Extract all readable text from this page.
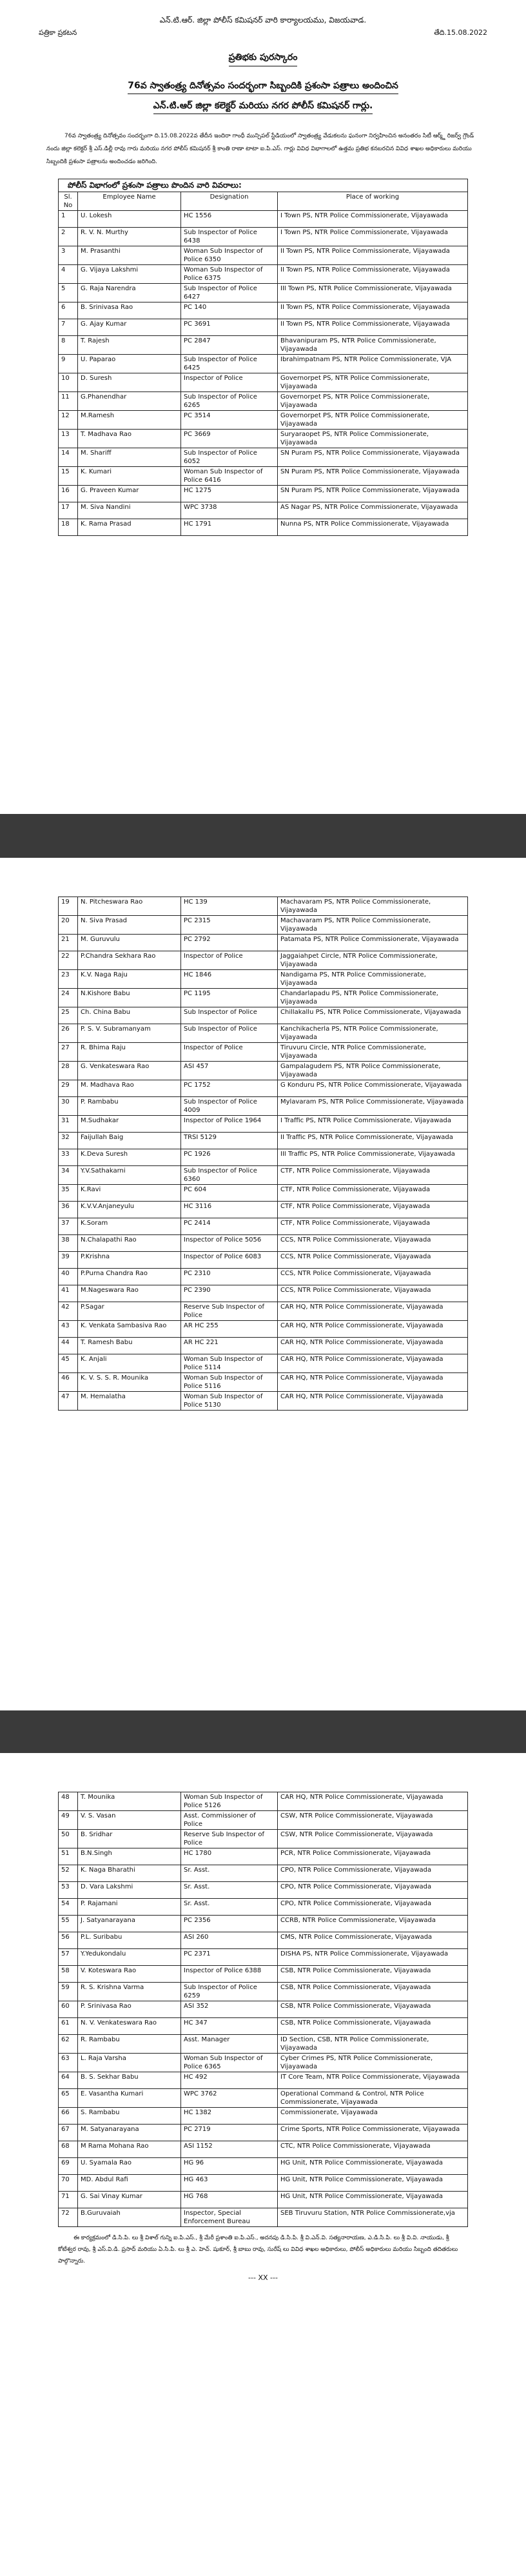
ఎన్.టి.ఆర్. జిల్లా పోలీస్ కమిషనర్ వారి కార్యాలయము, విజయవాడ.
పత్రికా ప్రకటన	తేది.15.08.2022
ప్రతిభకు పురస్కారం
76వ స్వాతంత్ర్య దినోత్సవం సందర్భంగా సిబ్బందికి ప్రశంసా పత్రాలు అందించిన
ఎన్.టి.ఆర్ జిల్లా కలెక్టర్ మరియు నగర పోలీస్ కమిషనర్ గార్లు.
76వ స్వాతంత్ర్య దినోత్సవం సందర్భంగా ది.15.08.2022వ తేదీన ఇందిరా గాంధీ మున్సిపల్ స్టేడియంలో స్వాతంత్ర్య వేడుకలను ఘనంగా నిర్వహించిన అనంతరం సిటీ ఆర్మ్డ్ రిజర్వ్ గ్రౌండ్ నందు జిల్లా కలెక్టర్ శ్రీ ఎస్.డిల్లీ రావు గారు మరియు నగర పోలీస్ కమిషనర్ శ్రీ కాంతి రాణా టాటా ఐ.పి.ఎస్. గార్లు వివిధ విభాగాలలో ఉత్తమ ప్రతిభ కనబరచిన వివిధ శాఖల అధికారులు మరియు సిబ్బందికి ప్రశంసా పత్రాలను అందించడం జరిగింది.
పోలీస్ విభాగంలో ప్రశంసా పత్రాలు పొందిన వారి వివరాలు:			
Sl. No	Employee Name	Designation	Place of working
1	U. Lokesh	HC 1556	I Town PS, NTR Police Commissionerate, Vijayawada
2	R. V. N. Murthy	Sub Inspector of Police 6438	I Town PS, NTR Police Commissionerate, Vijayawada
3	M. Prasanthi	Woman Sub Inspector of Police 6350	II Town PS, NTR Police Commissionerate, Vijayawada
4	G. Vijaya Lakshmi	Woman Sub Inspector of Police 6375	II Town PS, NTR Police Commissionerate, Vijayawada
5	G. Raja Narendra	Sub Inspector of Police 6427	III Town PS, NTR Police Commissionerate, Vijayawada
6	B. Srinivasa Rao	PC 140	II Town PS, NTR Police Commissionerate, Vijayawada
7	G. Ajay Kumar	PC 3691	II Town PS, NTR Police Commissionerate, Vijayawada
8	T. Rajesh	PC 2847	Bhavanipuram PS, NTR Police Commissionerate, Vijayawada
9	U. Paparao	Sub Inspector of Police 6425	Ibrahimpatnam PS, NTR Police Commissionerate, VJA
10	D. Suresh	Inspector of Police	Governorpet PS, NTR Police Commissionerate, Vijayawada
11	G.Phanendhar	Sub Inspector of Police 6265	Governorpet PS, NTR Police Commissionerate, Vijayawada
12	M.Ramesh	PC 3514	Governorpet PS, NTR Police Commissionerate, Vijayawada
13	T. Madhava Rao	PC 3669	Suryaraopet PS, NTR Police Commissionerate, Vijayawada
14	M. Shariff	Sub Inspector of Police 6052	SN Puram PS, NTR Police Commissionerate, Vijayawada
15	K. Kumari	Woman Sub Inspector of Police 6416	SN Puram PS, NTR Police Commissionerate, Vijayawada
16	G. Praveen Kumar	HC 1275	SN Puram PS, NTR Police Commissionerate, Vijayawada
17	M. Siva Nandini	WPC 3738	AS Nagar PS, NTR Police Commissionerate, Vijayawada
18	K. Rama Prasad	HC 1791	Nunna PS, NTR Police Commissionerate, Vijayawada
19	N. Pitcheswara Rao	HC 139	Machavaram PS, NTR Police Commissionerate, Vijayawada
20	N. Siva Prasad	PC 2315	Machavaram PS, NTR Police Commissionerate, Vijayawada
21	M. Guruvulu	PC 2792	Patamata PS, NTR Police Commissionerate, Vijayawada
22	P.Chandra Sekhara Rao	Inspector of Police	Jaggaiahpet Circle, NTR Police Commissionerate, Vijayawada
23	K.V. Naga Raju	HC 1846	Nandigama PS, NTR Police Commissionerate, Vijayawada
24	N.Kishore Babu	PC 1195	Chandarlapadu PS, NTR Police Commissionerate, Vijayawada
25	Ch. China Babu	Sub Inspector of Police	Chillakallu PS, NTR Police Commissionerate, Vijayawada
26	P. S. V. Subramanyam	Sub Inspector of Police	Kanchikacherla PS, NTR Police Commissionerate, Vijayawada
27	R. Bhima Raju	Inspector of Police	Tiruvuru Circle, NTR Police Commissionerate, Vijayawada
28	G. Venkateswara Rao	ASI 457	Gampalagudem PS, NTR Police Commissionerate, Vijayawada
29	M. Madhava Rao	PC 1752	G Konduru PS, NTR Police Commissionerate, Vijayawada
30	P. Rambabu	Sub Inspector of Police 4009	Mylavaram PS, NTR Police Commissionerate, Vijayawada
31	M.Sudhakar	Inspector of Police 1964	I Traffic PS, NTR Police Commissionerate, Vijayawada
32	Faijullah Baig	TRSI 5129	II Traffic PS, NTR Police Commissionerate, Vijayawada
33	K.Deva Suresh	PC 1926	III Traffic PS, NTR Police Commissionerate, Vijayawada
34	Y.V.Sathakarni	Sub Inspector of Police 6360	CTF, NTR Police Commissionerate, Vijayawada
35	K.Ravi	PC 604	CTF, NTR Police Commissionerate, Vijayawada
36	K.V.V.Anjaneyulu	HC 3116	CTF, NTR Police Commissionerate, Vijayawada
37	K.Soram	PC 2414	CTF, NTR Police Commissionerate, Vijayawada
38	N.Chalapathi Rao	Inspector of Police 5056	CCS, NTR Police Commissionerate, Vijayawada
39	P.Krishna	Inspector of Police 6083	CCS, NTR Police Commissionerate, Vijayawada
40	P.Purna Chandra Rao	PC 2310	CCS, NTR Police Commissionerate, Vijayawada
41	M.Nageswara Rao	PC 2390	CCS, NTR Police Commissionerate, Vijayawada
42	P.Sagar	Reserve Sub Inspector of Police	CAR HQ, NTR Police Commissionerate, Vijayawada
43	K. Venkata Sambasiva Rao	AR HC 255	CAR HQ, NTR Police Commissionerate, Vijayawada
44	T. Ramesh Babu	AR HC 221	CAR HQ, NTR Police Commissionerate, Vijayawada
45	K. Anjali	Woman Sub Inspector of Police 5114	CAR HQ, NTR Police Commissionerate, Vijayawada
46	K. V. S. S. R. Mounika	Woman Sub Inspector of Police 5116	CAR HQ, NTR Police Commissionerate, Vijayawada
47	M. Hemalatha	Woman Sub Inspector of Police 5130	CAR HQ, NTR Police Commissionerate, Vijayawada
48	T. Mounika	Woman Sub Inspector of Police 5126	CAR HQ, NTR Police Commissionerate, Vijayawada
49	V. S. Vasan	Asst. Commissioner of Police	CSW, NTR Police Commissionerate, Vijayawada
50	B. Sridhar	Reserve Sub Inspector of Police	CSW, NTR Police Commissionerate, Vijayawada
51	B.N.Singh	HC 1780	PCR, NTR Police Commissionerate, Vijayawada
52	K. Naga Bharathi	Sr. Asst.	CPO, NTR Police Commissionerate, Vijayawada
53	D. Vara Lakshmi	Sr. Asst.	CPO, NTR Police Commissionerate, Vijayawada
54	P. Rajamani	Sr. Asst.	CPO, NTR Police Commissionerate, Vijayawada
55	J. Satyanarayana	PC 2356	CCRB, NTR Police Commissionerate, Vijayawada
56	P.L. Suribabu	ASI 260	CMS, NTR Police Commissionerate, Vijayawada
57	Y.Yedukondalu	PC 2371	DISHA PS, NTR Police Commissionerate, Vijayawada
58	V. Koteswara Rao	Inspector of Police 6388	CSB, NTR Police Commissionerate, Vijayawada
59	R. S. Krishna Varma	Sub Inspector of Police 6259	CSB, NTR Police Commissionerate, Vijayawada
60	P. Srinivasa Rao	ASI 352	CSB, NTR Police Commissionerate, Vijayawada
61	N. V. Venkateswara Rao	HC 347	CSB, NTR Police Commissionerate, Vijayawada
62	R. Rambabu	Asst. Manager	ID Section, CSB, NTR Police Commissionerate, Vijayawada
63	L. Raja Varsha	Woman Sub Inspector of Police 6365	Cyber Crimes PS, NTR Police Commissionerate, Vijayawada
64	B. S. Sekhar Babu	HC 492	IT Core Team, NTR Police Commissionerate, Vijayawada
65	E. Vasantha Kumari	WPC 3762	Operational Command & Control, NTR Police Commissionerate, Vijayawada
66	S. Rambabu	HC 1382	Commissionerate, Vijayawada
67	M. Satyanarayana	PC 2719	Crime Sports, NTR Police Commissionerate, Vijayawada
68	M Rama Mohana Rao	ASI 1152	CTC, NTR Police Commissionerate, Vijayawada
69	U. Syamala Rao	HG 96	HG Unit, NTR Police Commissionerate, Vijayawada
70	MD. Abdul Rafi	HG 463	HG Unit, NTR Police Commissionerate, Vijayawada
71	G. Sai Vinay Kumar	HG 768	HG Unit, NTR Police Commissionerate, Vijayawada
72	B.Guruvaiah	Inspector, Special Enforcement Bureau	SEB Tiruvuru Station, NTR Police Commissionerate,vja
ఈ కార్యక్రమంలో డి.సి.పి. లు శ్రీ విశాల్ గున్ని ఐ.పి.ఎస్., శ్రీ మేరీ ప్రశాంతి ఐ.పి.ఎస్., అదనపు డి.సి.పి. శ్రీ వి.ఎన్.వి. సత్యనారాయణ, ఎ.డి.సి.పి. లు శ్రీ వి.వి. నాయుడు, శ్రీ కోటేశ్వర రావు, శ్రీ ఎస్.వి.డి. ప్రసాద్ మరియు ఏ.సి.పి. లు శ్రీ ఎ. హెచ్. షుకూర్, శ్రీ బాబు రావు, సురేష్ లు వివిధ శాఖల అధికారులు, పోలీస్ అధికారులు మరియు సిబ్బంది తదితరులు పాల్గొన్నారు.
--- XX ---
